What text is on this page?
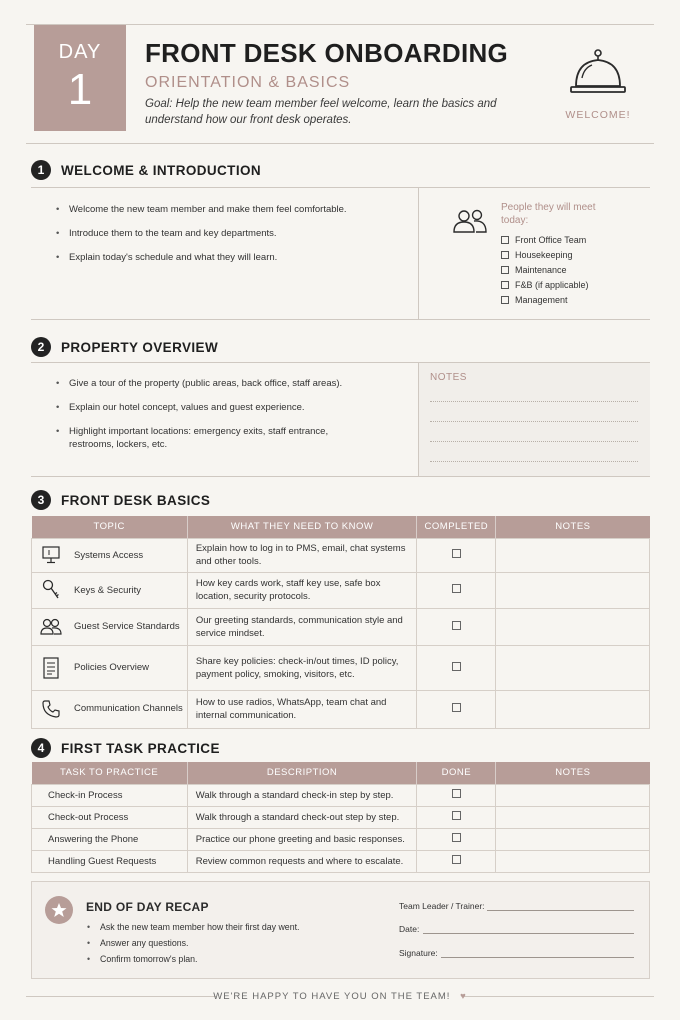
DAY
1
FRONT DESK ONBOARDING
ORIENTATION & BASICS
Goal: Help the new team member feel welcome, learn the basics and understand how our front desk operates.	WELCOME!
1	WELCOME & INTRODUCTION
• Welcome the new team member and make them feel comfortable.
• Introduce them to the team and key departments.
• Explain today's schedule and what they will learn.
People they will meet today:
Front Office Team
Housekeeping
Maintenance
F&B (if applicable)
Management
2	PROPERTY OVERVIEW
• Give a tour of the property (public areas, back office, staff areas).
• Explain our hotel concept, values and guest experience.
• Highlight important locations: emergency exits, staff entrance, restrooms, lockers, etc.
NOTES
3	FRONT DESK BASICS
TOPIC	WHAT THEY NEED TO KNOW	COMPLETED	NOTES

Systems Access	Explain how to log in to PMS, email, chat systems and other tools.		

Keys & Security	How key cards work, staff key use, safe box location, security protocols.		

Guest Service Standards	Our greeting standards, communication style and service mindset.		

Policies Overview	Share key policies: check-in/out times, ID policy, payment policy, smoking, visitors, etc.		

Communication Channels	How to use radios, WhatsApp, team chat and internal communication.		
4	FIRST TASK PRACTICE
TASK TO PRACTICE	DESCRIPTION	DONE	NOTES
Check-in Process	Walk through a standard check-in step by step.		
Check-out Process	Walk through a standard check-out step by step.		
Answering the Phone	Practice our phone greeting and basic responses.		
Handling Guest Requests	Review common requests and where to escalate.		
END OF DAY RECAP
• Ask the new team member how their first day went.
• Answer any questions.
• Confirm tomorrow's plan.
Team Leader / Trainer:
Date:
Signature:
WE'RE HAPPY TO HAVE YOU ON THE TEAM! ♥
